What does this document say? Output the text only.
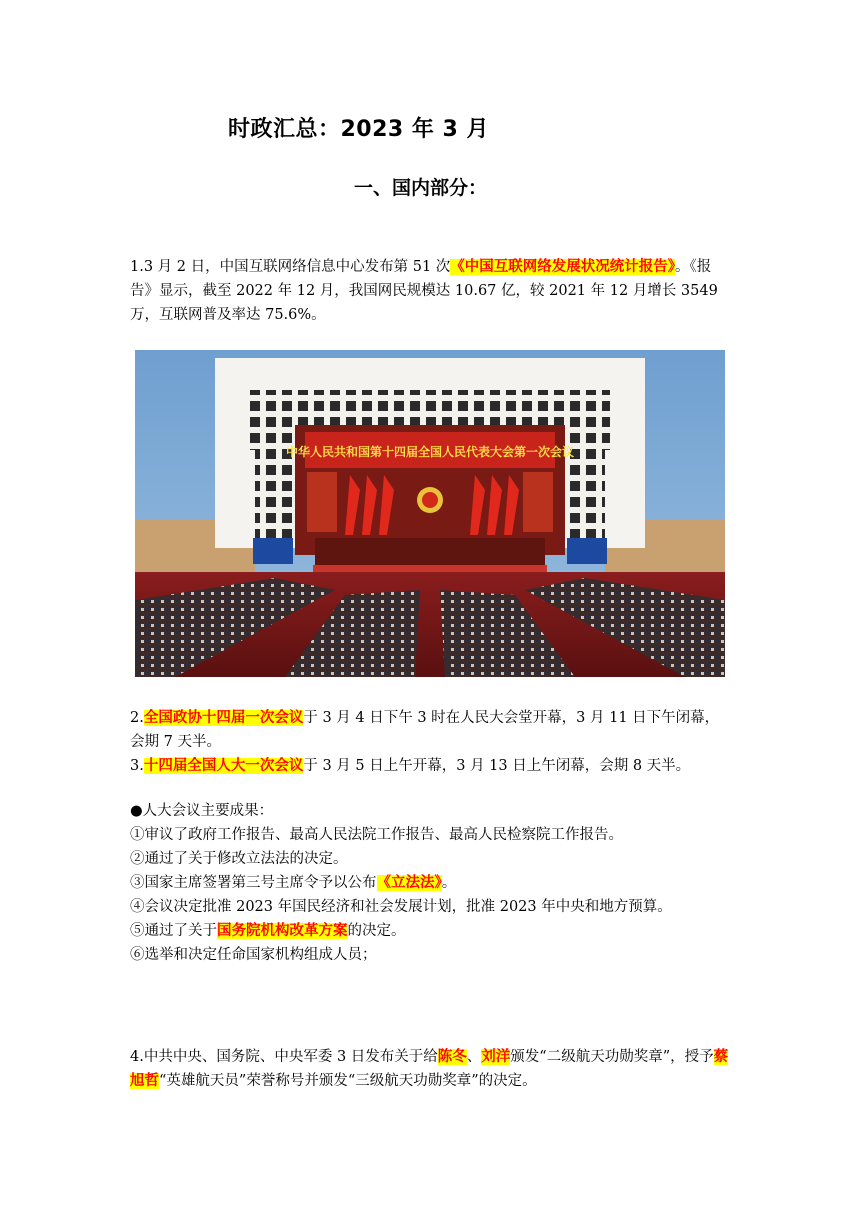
时政汇总：2023 年 3 月
一、国内部分：
1.3 月 2 日，中国互联网络信息中心发布第 51 次《中国互联网络发展状况统计报告》。《报告》显示，截至 2022 年 12 月，我国网民规模达 10.67 亿，较 2021 年 12 月增长 3549 万，互联网普及率达 75.6%。
中华人民共和国第十四届全国人民代表大会第一次会议
2.全国政协十四届一次会议于 3 月 4 日下午 3 时在人民大会堂开幕，3 月 11 日下午闭幕，会期 7 天半。
3.十四届全国人大一次会议于 3 月 5 日上午开幕，3 月 13 日上午闭幕，会期 8 天半。
●人大会议主要成果：
①审议了政府工作报告、最高人民法院工作报告、最高人民检察院工作报告。
②通过了关于修改立法法的决定。
③国家主席签署第三号主席令予以公布《立法法》。
④会议决定批准 2023 年国民经济和社会发展计划，批准 2023 年中央和地方预算。
⑤通过了关于国务院机构改革方案的决定。
⑥选举和决定任命国家机构组成人员；
4.中共中央、国务院、中央军委 3 日发布关于给陈冬、刘洋颁发“二级航天功勋奖章”，授予蔡旭哲“英雄航天员”荣誉称号并颁发“三级航天功勋奖章”的决定。
